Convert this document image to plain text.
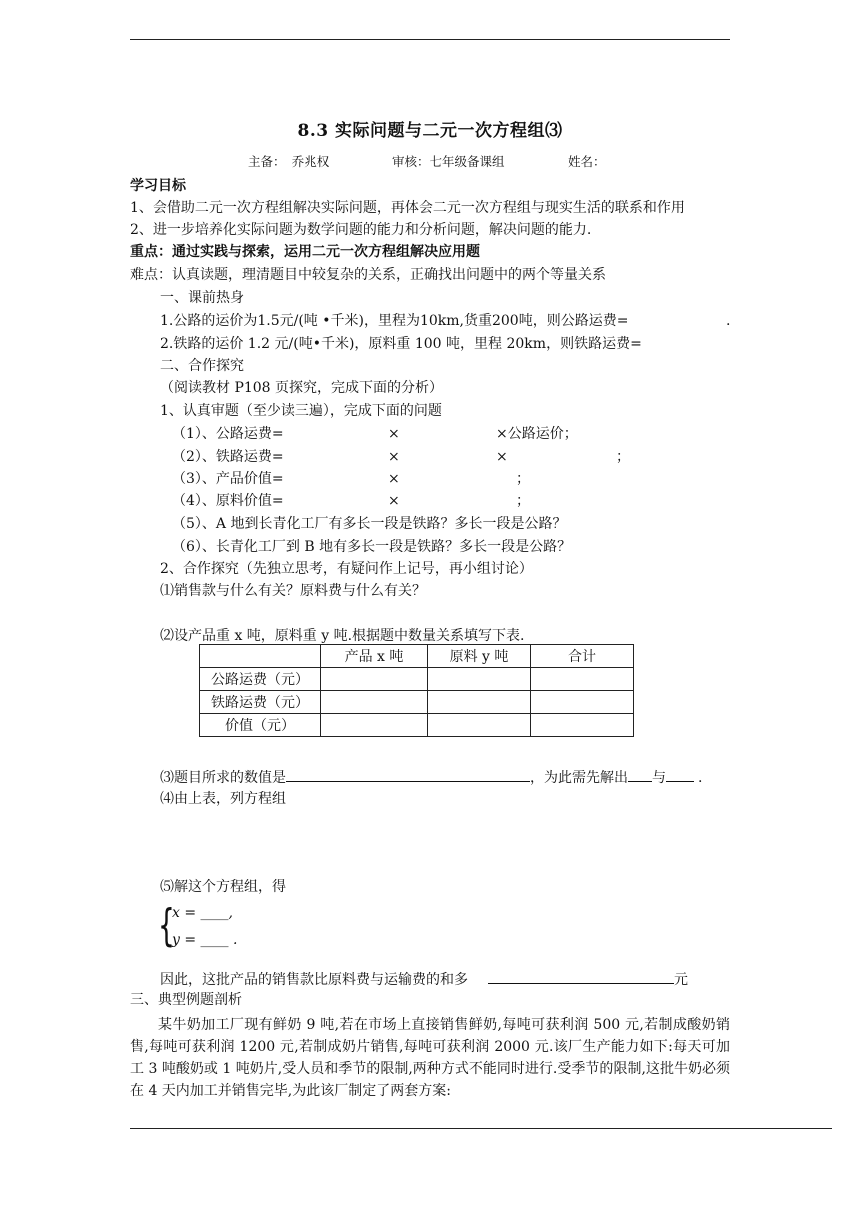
8.3 实际问题与二元一次方程组⑶
主备：　乔兆权	审核：七年级备课组	姓名：
学习目标
1、会借助二元一次方程组解决实际问题，再体会二元一次方程组与现实生活的联系和作用
2、进一步培养化实际问题为数学问题的能力和分析问题，解决问题的能力.
重点：通过实践与探索，运用二元一次方程组解决应用题
难点：认真读题，理清题目中较复杂的关系，正确找出问题中的两个等量关系
一、课前热身
1.公路的运价为1.5元/(吨 •千米)，里程为10km,货重200吨，则公路运费=	.
2.铁路的运价 1.2 元/(吨•千米)，原料重 100 吨，里程 20km，则铁路运费=
二、合作探究
（阅读教材 P108 页探究，完成下面的分析）
1、认真审题（至少读三遍），完成下面的问题
（1）、公路运费=	×	×公路运价；
（2）、铁路运费=	×	×	；
（3）、产品价值=	×	；
（4）、原料价值=	×	；
（5）、A 地到长青化工厂有多长一段是铁路？多长一段是公路？
（6）、长青化工厂到 B 地有多长一段是铁路？多长一段是公路？
2、合作探究（先独立思考，有疑问作上记号，再小组讨论）
⑴销售款与什么有关？原料费与什么有关？
⑵设产品重 x 吨，原料重 y 吨.根据题中数量关系填写下表.
	产品 x 吨	原料 y 吨	合计
公路运费（元）			
铁路运费（元）			
价值（元）			
⑶题目所求的数值是	，为此需先解出 与 .
⑷由上表，列方程组
⑸解这个方程组，得
{
x = ____,
y = ____ .
因此，这批产品的销售款比原料费与运输费的和多	元
三、典型例题剖析
某牛奶加工厂现有鲜奶 9 吨,若在市场上直接销售鲜奶,每吨可获利润 500 元,若制成酸奶销售,每吨可获利润 1200 元,若制成奶片销售,每吨可获利润 2000 元.该厂生产能力如下:每天可加工 3 吨酸奶或 1 吨奶片,受人员和季节的限制,两种方式不能同时进行.受季节的限制,这批牛奶必须在 4 天内加工并销售完毕,为此该厂制定了两套方案:
